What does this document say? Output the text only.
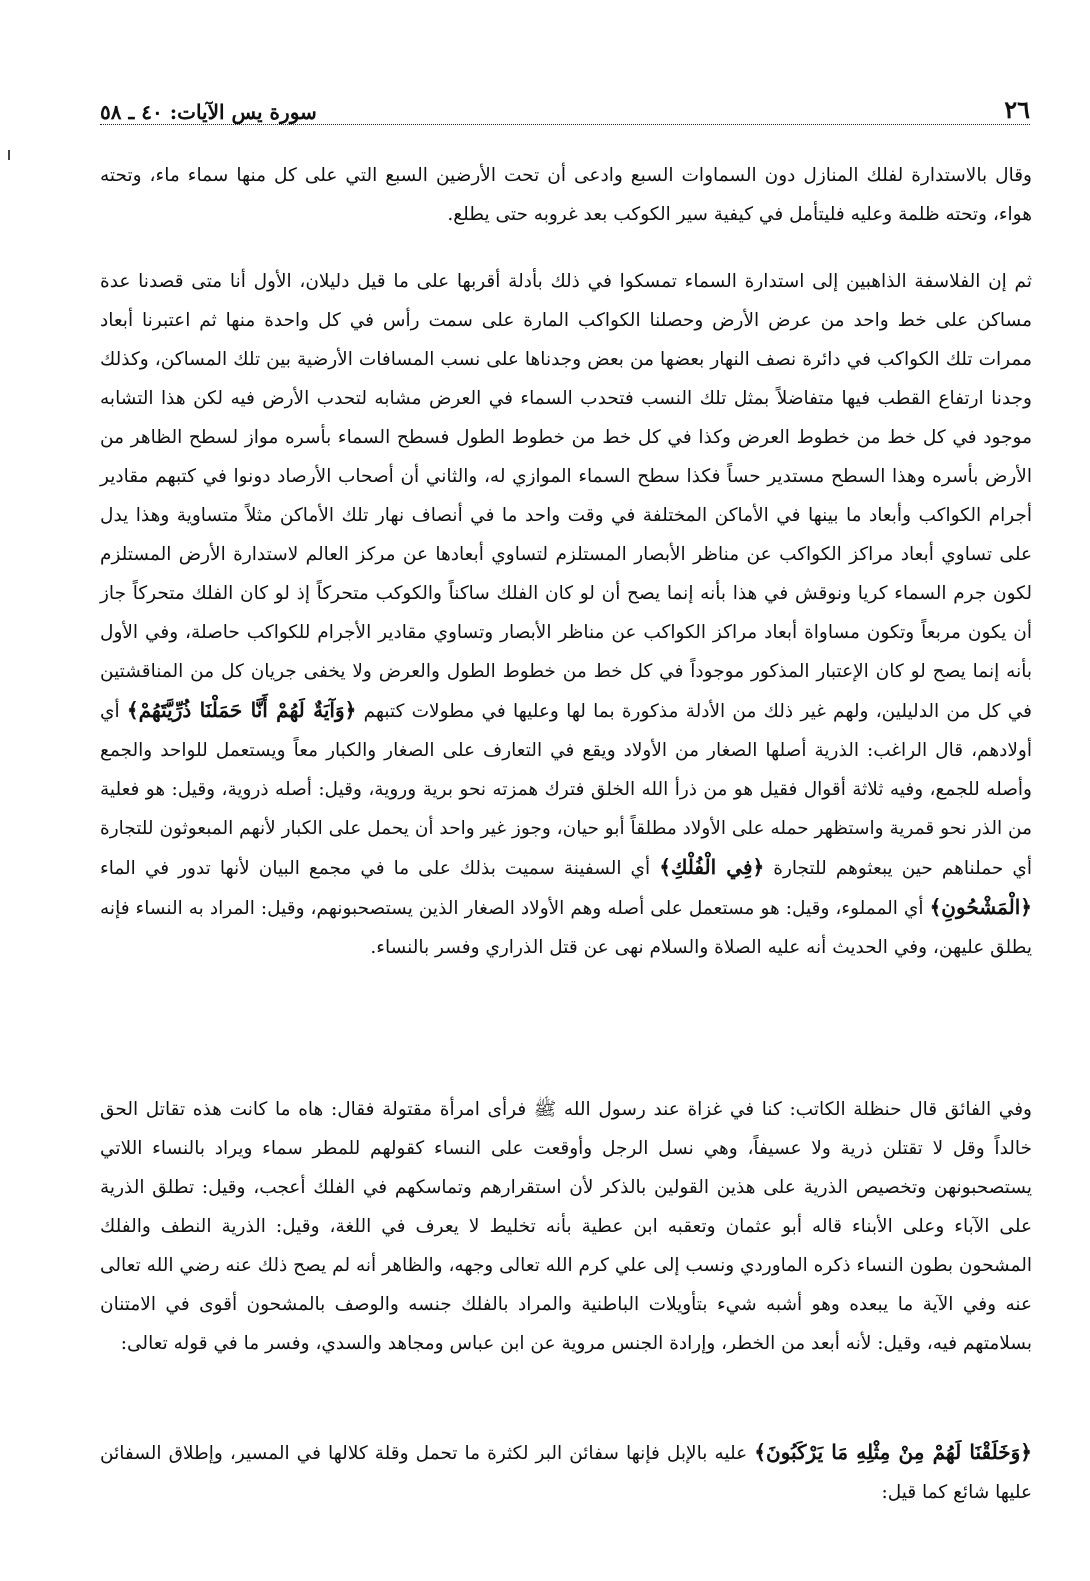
٢٦
سورة يس الآيات: ٤٠ ـ ٥٨

وقال بالاستدارة لفلك المنازل دون السماوات السبع وادعى أن تحت الأرضين السبع التي على كل منها سماء ماء، وتحته هواء، وتحته ظلمة وعليه فليتأمل في كيفية سير الكوكب بعد غروبه حتى يطلع.

ثم إن الفلاسفة الذاهبين إلى استدارة السماء تمسكوا في ذلك بأدلة أقربها على ما قيل دليلان، الأول أنا متى قصدنا عدة مساكن على خط واحد من عرض الأرض وحصلنا الكواكب المارة على سمت رأس في كل واحدة منها ثم اعتبرنا أبعاد ممرات تلك الكواكب في دائرة نصف النهار بعضها من بعض وجدناها على نسب المسافات الأرضية بين تلك المساكن، وكذلك وجدنا ارتفاع القطب فيها متفاضلاً بمثل تلك النسب فتحدب السماء في العرض مشابه لتحدب الأرض فيه لكن هذا التشابه موجود في كل خط من خطوط العرض وكذا في كل خط من خطوط الطول فسطح السماء بأسره مواز لسطح الظاهر من الأرض بأسره وهذا السطح مستدير حساً فكذا سطح السماء الموازي له، والثاني أن أصحاب الأرصاد دونوا في كتبهم مقادير أجرام الكواكب وأبعاد ما بينها في الأماكن المختلفة في وقت واحد ما في أنصاف نهار تلك الأماكن مثلاً متساوية وهذا يدل على تساوي أبعاد مراكز الكواكب عن مناظر الأبصار المستلزم لتساوي أبعادها عن مركز العالم لاستدارة الأرض المستلزم لكون جرم السماء كريا ونوقش في هذا بأنه إنما يصح أن لو كان الفلك ساكناً والكوكب متحركاً إذ لو كان الفلك متحركاً جاز أن يكون مربعاً وتكون مساواة أبعاد مراكز الكواكب عن مناظر الأبصار وتساوي مقادير الأجرام للكواكب حاصلة، وفي الأول بأنه إنما يصح لو كان الإعتبار المذكور موجوداً في كل خط من خطوط الطول والعرض ولا يخفى جريان كل من المناقشتين في كل من الدليلين، ولهم غير ذلك من الأدلة مذكورة بما لها وعليها في مطولات كتبهم ﴿وَآيَةٌ لَهُمْ أَنَّا حَمَلْنَا ذُرِّيَّتَهُمْ﴾ أي أولادهم، قال الراغب: الذرية أصلها الصغار من الأولاد ويقع في التعارف على الصغار والكبار معاً ويستعمل للواحد والجمع وأصله للجمع، وفيه ثلاثة أقوال فقيل هو من ذرأ الله الخلق فترك همزته نحو برية وروية، وقيل: أصله ذروية، وقيل: هو فعلية من الذر نحو قمرية واستظهر حمله على الأولاد مطلقاً أبو حيان، وجوز غير واحد أن يحمل على الكبار لأنهم المبعوثون للتجارة أي حملناهم حين يبعثوهم للتجارة ﴿فِي الْفُلْكِ﴾ أي السفينة سميت بذلك على ما في مجمع البيان لأنها تدور في الماء ﴿الْمَشْحُونِ﴾ أي المملوء، وقيل: هو مستعمل على أصله وهم الأولاد الصغار الذين يستصحبونهم، وقيل: المراد به النساء فإنه يطلق عليهن، وفي الحديث أنه عليه الصلاة والسلام نهى عن قتل الذراري وفسر بالنساء.

وفي الفائق قال حنظلة الكاتب: كنا في غزاة عند رسول الله ﷺ فرأى امرأة مقتولة فقال: هاه ما كانت هذه تقاتل الحق خالداً وقل لا تقتلن ذرية ولا عسيفاً، وهي نسل الرجل وأوقعت على النساء كقولهم للمطر سماء ويراد بالنساء اللاتي يستصحبونهن وتخصيص الذرية على هذين القولين بالذكر لأن استقرارهم وتماسكهم في الفلك أعجب، وقيل: تطلق الذرية على الآباء وعلى الأبناء قاله أبو عثمان وتعقبه ابن عطية بأنه تخليط لا يعرف في اللغة، وقيل: الذرية النطف والفلك المشحون بطون النساء ذكره الماوردي ونسب إلى علي كرم الله تعالى وجهه، والظاهر أنه لم يصح ذلك عنه رضي الله تعالى عنه وفي الآية ما يبعده وهو أشبه شيء بتأويلات الباطنية والمراد بالفلك جنسه والوصف بالمشحون أقوى في الامتنان بسلامتهم فيه، وقيل: لأنه أبعد من الخطر، وإرادة الجنس مروية عن ابن عباس ومجاهد والسدي، وفسر ما في قوله تعالى:

﴿وَخَلَقْنَا لَهُمْ مِنْ مِثْلِهِ مَا يَرْكَبُونَ﴾ عليه بالإبل فإنها سفائن البر لكثرة ما تحمل وقلة كلالها في المسير، وإطلاق السفائن عليها شائع كما قيل:
